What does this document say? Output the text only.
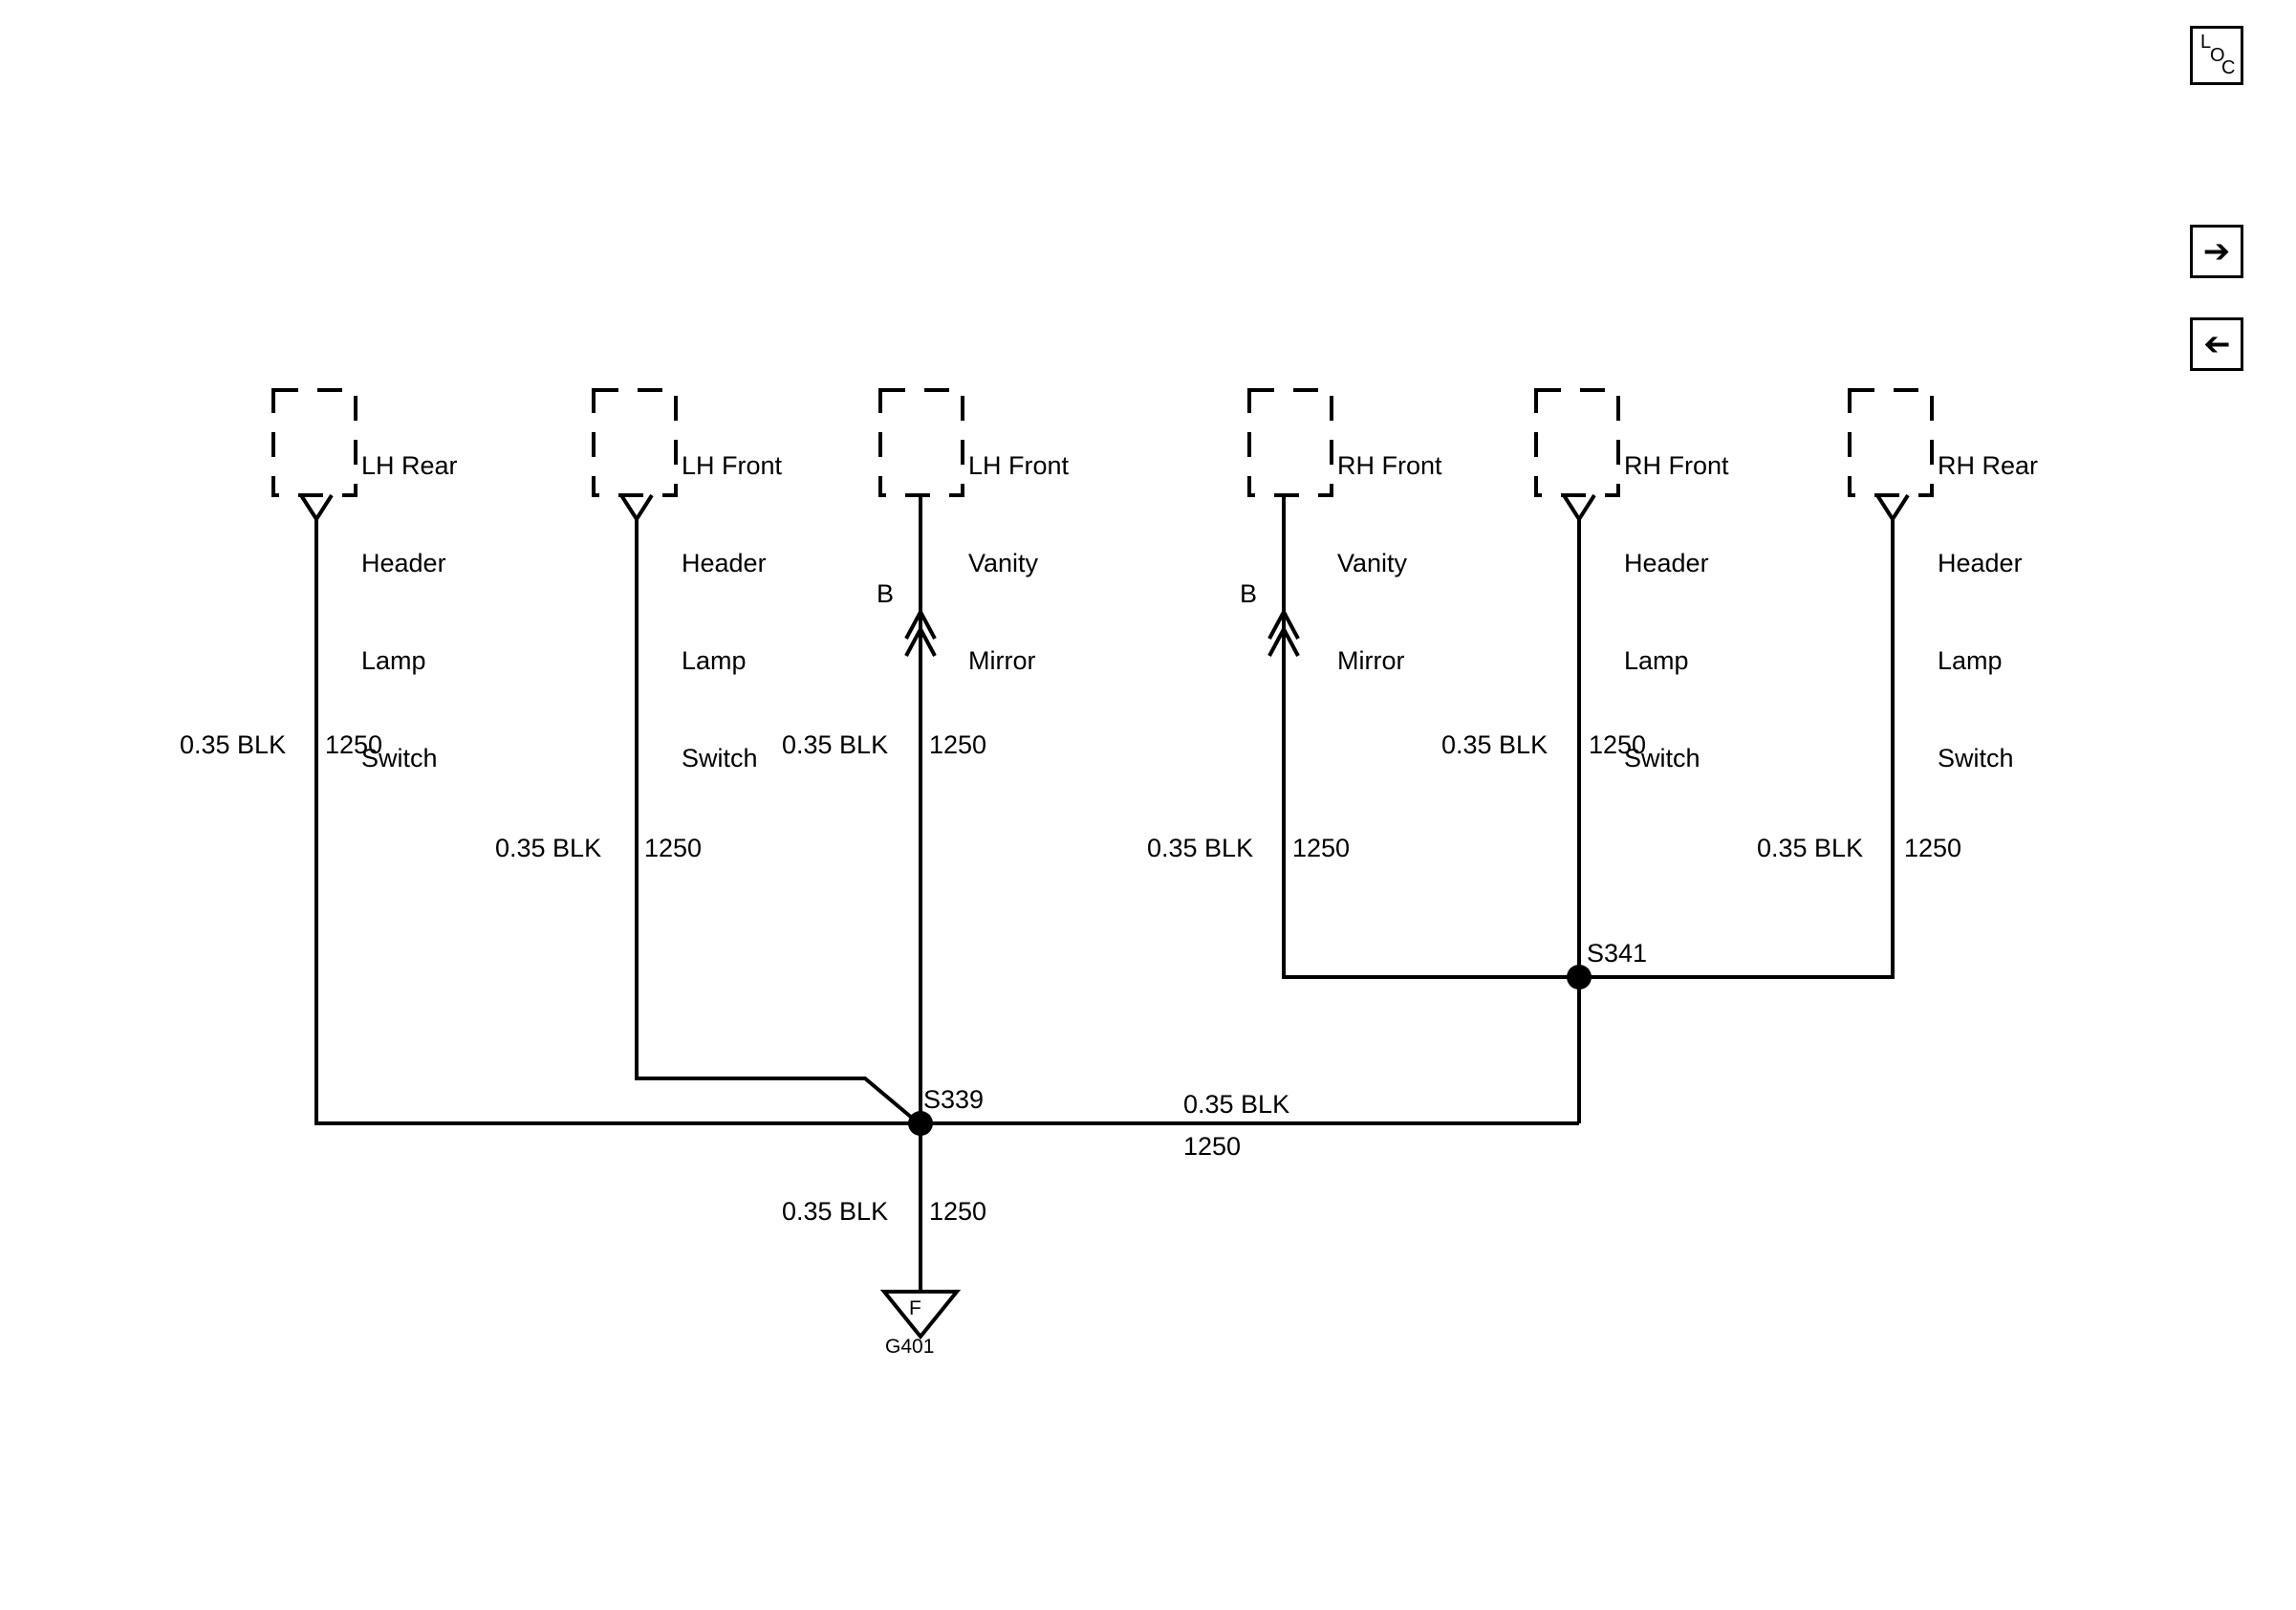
L
O
C
➔
➔

LH Rear

Header

Lamp

Switch

LH Front

Header

Lamp

Switch

LH Front

Vanity

Mirror

RH Front

Vanity

Mirror

RH Front

Header

Lamp

Switch

RH Rear

Header

Lamp

Switch

B	B
0.35 BLK 1250
0.35 BLK 1250
0.35 BLK 1250
0.35 BLK 1250
0.35 BLK 1250
0.35 BLK 1250
0.35 BLK
1250
0.35 BLK 1250
S339
S341
F
G401
